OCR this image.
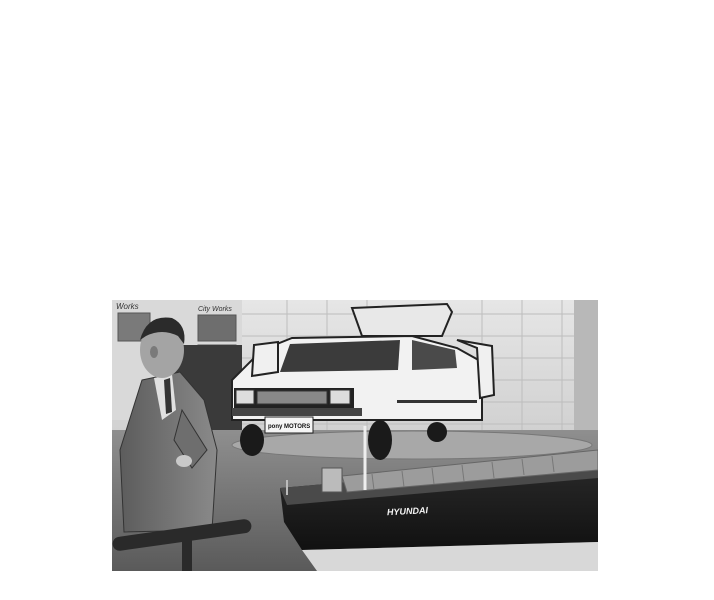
Works	City Works
pony MOTORS
HYUNDAI
